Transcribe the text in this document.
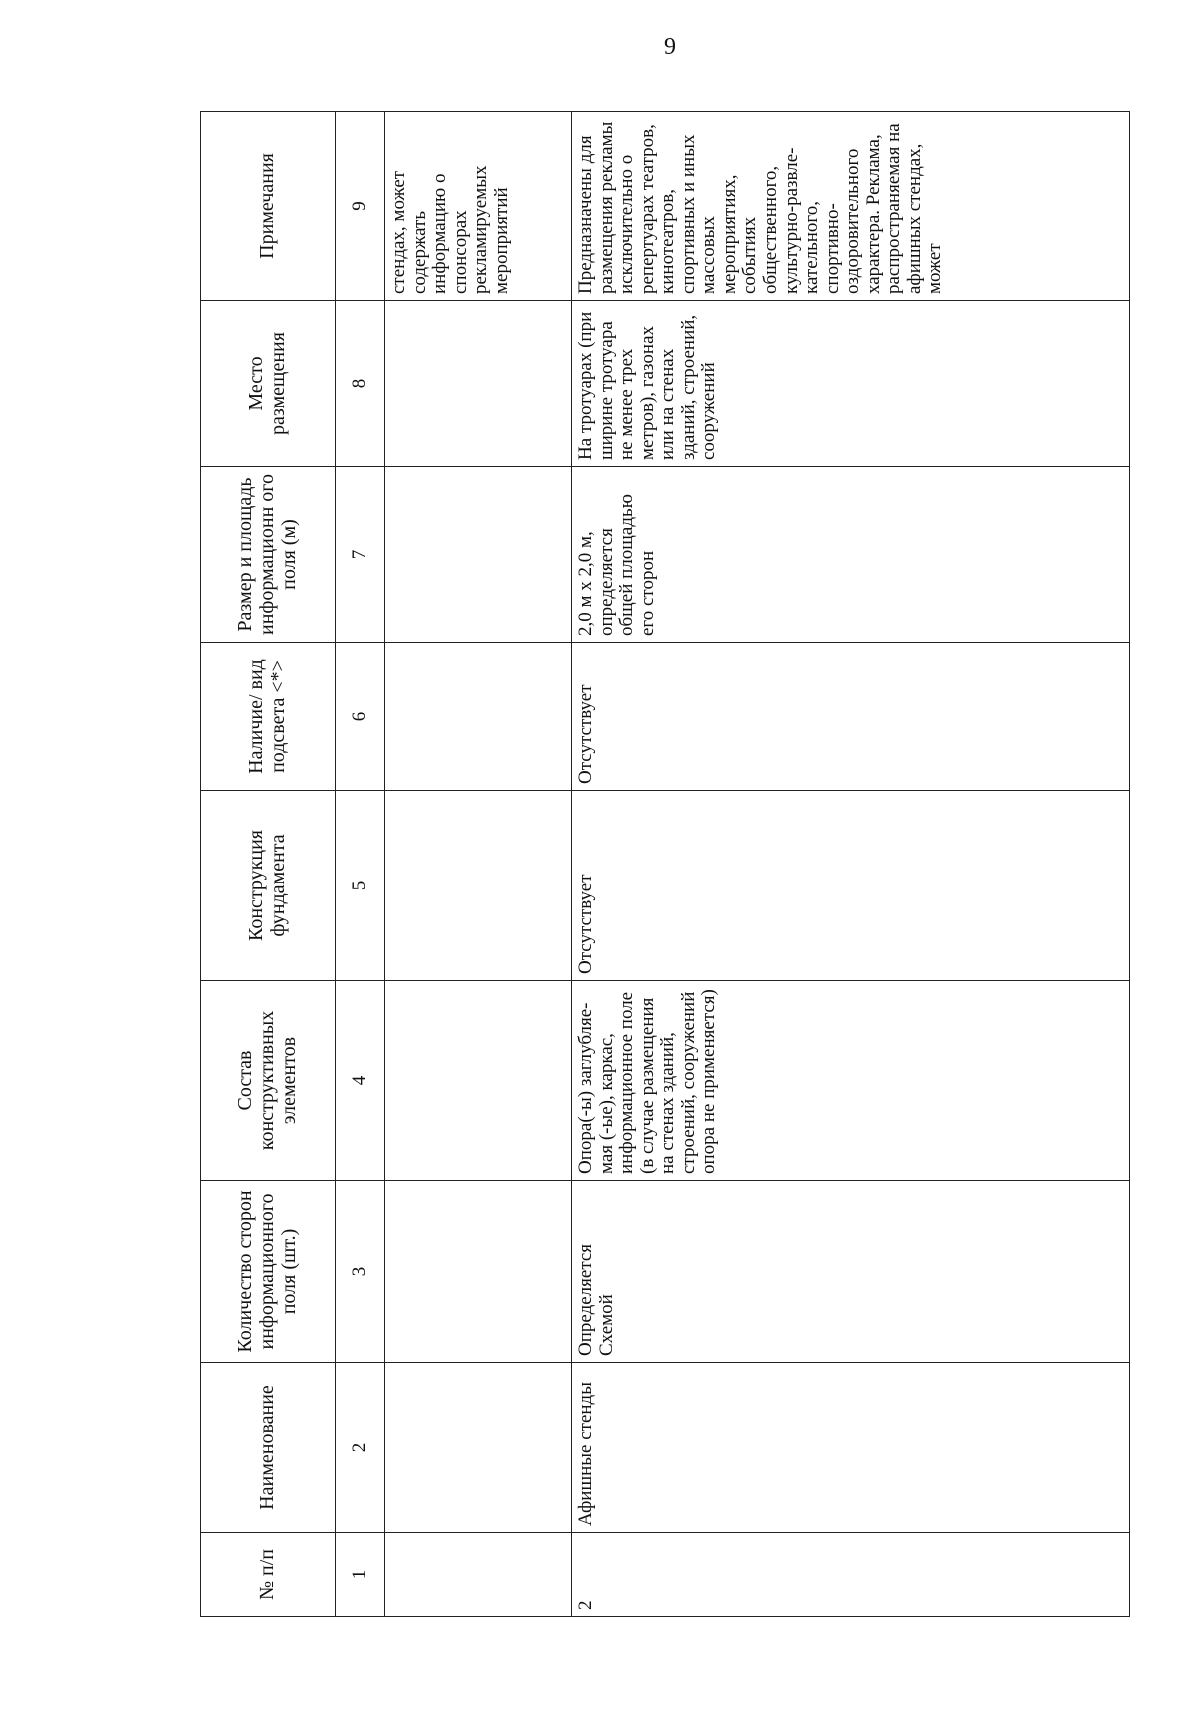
9
№ п/п	Наименование	Количество сторон информационного поля (шт.)	Состав конструктивных элементов	Конструкция фундамента	Наличие/ вид подсвета <*>	Размер и площадь информационн ого поля (м)	Место размещения	Примечания
1	2	3	4	5	6	7	8	9
								стендах, может содержать информацию о спонсорах рекламируемых мероприятий
2	Афишные стенды	Определяется Схемой	Опора(-ы) заглубляе-мая (-ые), каркас, информационное поле (в случае размещения на стенах зданий, строений, сооружений опора не применяется)	Отсутствует	Отсутствует	2,0 м х 2,0 м, определяется общей площадью его сторон	На тротуарах (при ширине тротуара не менее трех метров), газонах или на стенах зданий, строений, сооружений	Предназначены для размещения рекламы исключительно о репертуарах театров, кинотеатров, спортивных и иных массовых мероприятиях, событиях общественного, культурно-развле-кательного, спортивно-оздоровительного характера. Реклама, распространяемая на афишных стендах, может
